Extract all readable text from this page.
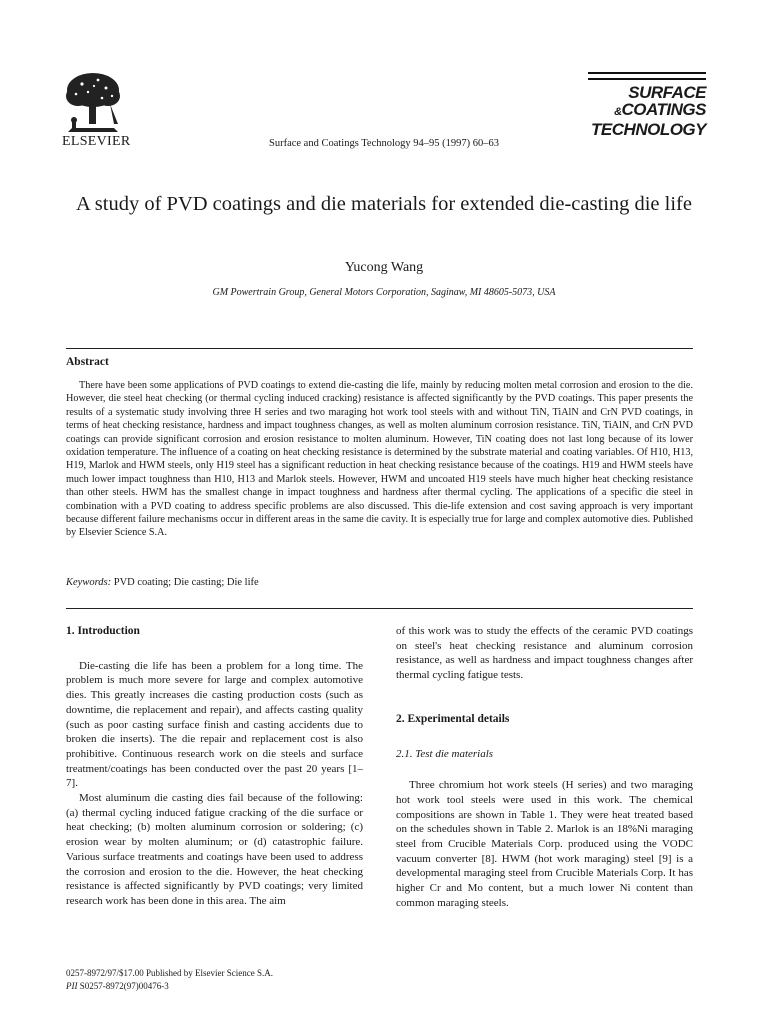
ELSEVIER	Surface and Coatings Technology 94–95 (1997) 60–63
SURFACE
&COATINGS
TECHNOLOGY
A study of PVD coatings and die materials for extended die-casting die life
Yucong Wang
GM Powertrain Group, General Motors Corporation, Saginaw, MI 48605-5073, USA
Abstract
There have been some applications of PVD coatings to extend die-casting die life, mainly by reducing molten metal corrosion and erosion to the die. However, die steel heat checking (or thermal cycling induced cracking) resistance is affected significantly by the PVD coatings. This paper presents the results of a systematic study involving three H series and two maraging hot work tool steels with and without TiN, TiAlN and CrN PVD coatings, in terms of heat checking resistance, hardness and impact toughness changes, as well as molten aluminum corrosion resistance. TiN, TiAlN, and CrN PVD coatings can provide significant corrosion and erosion resistance to molten aluminum. However, TiN coating does not last long because of its lower oxidation temperature. The influence of a coating on heat checking resistance is determined by the substrate material and coating variables. Of H10, H13, H19, Marlok and HWM steels, only H19 steel has a significant reduction in heat checking resistance because of the coatings. H19 and HWM steels have much lower impact toughness than H10, H13 and Marlok steels. However, HWM and uncoated H19 steels have much higher heat checking resistance than other steels. HWM has the smallest change in impact toughness and hardness after thermal cycling. The applications of a specific die steel in combination with a PVD coating to address specific problems are also discussed. This die-life extension and cost saving approach is very important because different failure mechanisms occur in different areas in the same die cavity. It is especially true for large and complex automotive dies. Published by Elsevier Science S.A.
Keywords: PVD coating; Die casting; Die life
1. Introduction

Die-casting die life has been a problem for a long time. The problem is much more severe for large and complex automotive dies. This greatly increases die casting production costs (such as downtime, die replacement and repair), and affects casting quality (such as poor casting surface finish and casting accidents due to broken die inserts). The die repair and replacement cost is also prohibitive. Continuous research work on die steels and surface treatment/coatings has been conducted over the past 20 years [1–7].

Most aluminum die casting dies fail because of the following: (a) thermal cycling induced fatigue cracking of the die surface or heat checking; (b) molten aluminum corrosion or soldering; (c) erosion wear by molten aluminum; or (d) catastrophic failure. Various surface treatments and coatings have been used to address the corrosion and erosion to the die. However, the heat checking resistance is affected significantly by PVD coatings; very limited research work has been done in this area. The aim

of this work was to study the effects of the ceramic PVD coatings on steel's heat checking resistance and aluminum corrosion resistance, as well as hardness and impact toughness changes after thermal cycling fatigue tests.

2. Experimental details
2.1. Test die materials

Three chromium hot work steels (H series) and two maraging hot work tool steels were used in this work. The chemical compositions are shown in Table 1. They were heat treated based on the schedules shown in Table 2. Marlok is an 18%Ni maraging steel from Crucible Materials Corp. produced using the VODC vacuum converter [8]. HWM (hot work maraging) steel [9] is a developmental maraging steel from Crucible Materials Corp. It has higher Cr and Mo content, but a much lower Ni content than common maraging steels.

0257-8972/97/$17.00 Published by Elsevier Science S.A.
PII S0257-8972(97)00476-3
